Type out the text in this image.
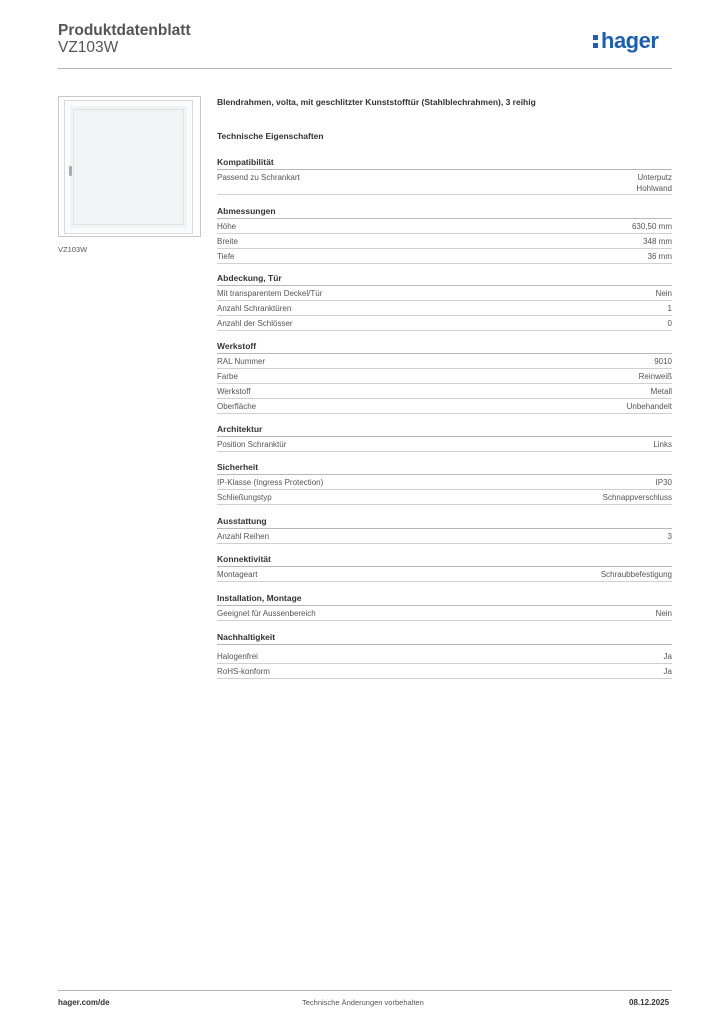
Produktdatenblatt
VZ103W	hager
VZ103W
Blendrahmen, volta, mit geschlitzter Kunststofftür (Stahlblechrahmen), 3 reihig
Technische Eigenschaften
Kompatibilität
Passend zu Schrankart	Unterputz
Hohlwand
Abmessungen
Höhe	630,50 mm
Breite	348 mm
Tiefe	36 mm
Abdeckung, Tür
Mit transparentem Deckel/Tür	Nein
Anzahl Schranktüren	1
Anzahl der Schlösser	0
Werkstoff
RAL Nummer	9010
Farbe	Reinweiß
Werkstoff	Metall
Oberfläche	Unbehandelt
Architektur
Position Schranktür	Links
Sicherheit
IP-Klasse (Ingress Protection)	IP30
Schließungstyp	Schnappverschluss
Ausstattung
Anzahl Reihen	3
Konnektivität
Montageart	Schraubbefestigung
Installation, Montage
Geeignet für Aussenbereich	Nein
Nachhaltigkeit
Halogenfrei	Ja
RoHS-konform	Ja
hager.com/de	Technische Änderungen vorbehalten	08.12.2025
